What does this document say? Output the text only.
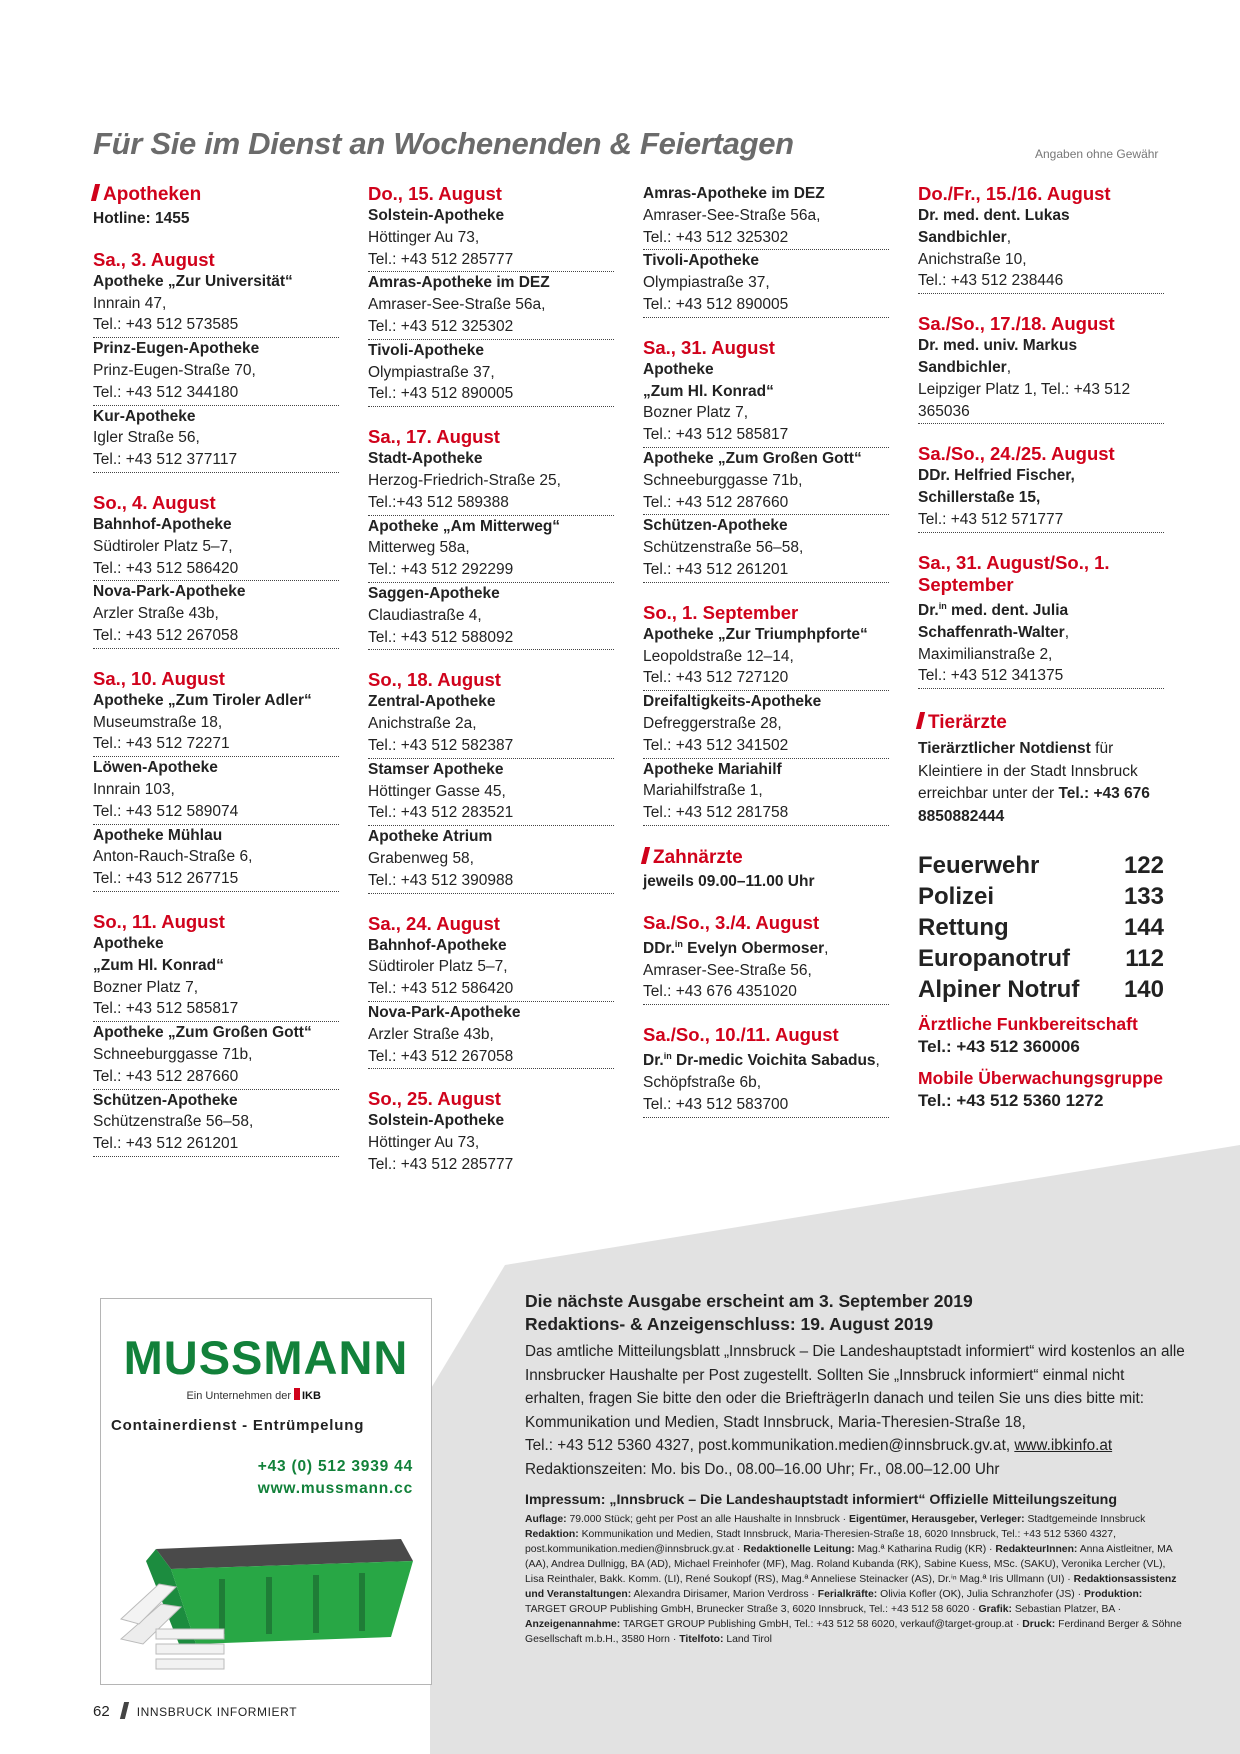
Für Sie im Dienst an Wochenenden & Feiertagen	Angaben ohne Gewähr
Apotheken
Hotline: 1455
Sa., 3. August
Apotheke „Zur Universität“
Innrain 47,
Tel.: +43 512 573585
Prinz-Eugen-Apotheke
Prinz-Eugen-Straße 70,
Tel.: +43 512 344180
Kur-Apotheke
Igler Straße 56,
Tel.: +43 512 377117
So., 4. August
Bahnhof-Apotheke
Südtiroler Platz 5–7,
Tel.: +43 512 586420
Nova-Park-Apotheke
Arzler Straße 43b,
Tel.: +43 512 267058
Sa., 10. August
Apotheke „Zum Tiroler Adler“
Museumstraße 18,
Tel.: +43 512 72271
Löwen-Apotheke
Innrain 103,
Tel.: +43 512 589074
Apotheke Mühlau
Anton-Rauch-Straße 6,
Tel.: +43 512 267715
So., 11. August
Apotheke
„Zum Hl. Konrad“
Bozner Platz 7,
Tel.: +43 512 585817
Apotheke „Zum Großen Gott“
Schneeburggasse 71b,
Tel.: +43 512 287660
Schützen-Apotheke
Schützenstraße 56–58,
Tel.: +43 512 261201
Do., 15. August
Solstein-Apotheke
Höttinger Au 73,
Tel.: +43 512 285777
Amras-Apotheke im DEZ
Amraser-See-Straße 56a,
Tel.: +43 512 325302
Tivoli-Apotheke
Olympiastraße 37,
Tel.: +43 512 890005
Sa., 17. August
Stadt-Apotheke
Herzog-Friedrich-Straße 25,
Tel.:+43 512 589388
Apotheke „Am Mitterweg“
Mitterweg 58a,
Tel.: +43 512 292299
Saggen-Apotheke
Claudiastraße 4,
Tel.: +43 512 588092
So., 18. August
Zentral-Apotheke
Anichstraße 2a,
Tel.: +43 512 582387
Stamser Apotheke
Höttinger Gasse 45,
Tel.: +43 512 283521
Apotheke Atrium
Grabenweg 58,
Tel.: +43 512 390988
Sa., 24. August
Bahnhof-Apotheke
Südtiroler Platz 5–7,
Tel.: +43 512 586420
Nova-Park-Apotheke
Arzler Straße 43b,
Tel.: +43 512 267058
So., 25. August
Solstein-Apotheke
Höttinger Au 73,
Tel.: +43 512 285777
Amras-Apotheke im DEZ
Amraser-See-Straße 56a,
Tel.: +43 512 325302
Tivoli-Apotheke
Olympiastraße 37,
Tel.: +43 512 890005
Sa., 31. August
Apotheke
„Zum Hl. Konrad“
Bozner Platz 7,
Tel.: +43 512 585817
Apotheke „Zum Großen Gott“
Schneeburggasse 71b,
Tel.: +43 512 287660
Schützen-Apotheke
Schützenstraße 56–58,
Tel.: +43 512 261201
So., 1. September
Apotheke „Zur Triumphpforte“
Leopoldstraße 12–14,
Tel.: +43 512 727120
Dreifaltigkeits-Apotheke
Defreggerstraße 28,
Tel.: +43 512 341502
Apotheke Mariahilf
Mariahilfstraße 1,
Tel.: +43 512 281758
Zahnärzte
jeweils 09.00–11.00 Uhr
Sa./So., 3./4. August
DDr.$^{in}$ Evelyn Obermoser,
Amraser-See-Straße 56,
Tel.: +43 676 4351020
Sa./So., 10./11. August
Dr.$^{in}$ Dr-medic Voichita Sabadus,
Schöpfstraße 6b,
Tel.: +43 512 583700
Do./Fr., 15./16. August
Dr. med. dent. Lukas
Sandbichler,
Anichstraße 10,
Tel.: +43 512 238446
Sa./So., 17./18. August
Dr. med. univ. Markus
Sandbichler,
Leipziger Platz 1, Tel.: +43 512
365036
Sa./So., 24./25. August
DDr. Helfried Fischer,
Schillerstaße 15,
Tel.: +43 512 571777
Sa., 31. August/So., 1. September
Dr.$^{in}$ med. dent. Julia
Schaffenrath-Walter,
Maximilianstraße 2,
Tel.: +43 512 341375
Tierärzte
Tierärztlicher Notdienst für Kleintiere in der Stadt Innsbruck erreichbar unter der Tel.: +43 676 8850882444
Feuerwehr	122
Polizei	133
Rettung	144
Europanotruf 112
Alpiner Notruf 140
Ärztliche Funkbereitschaft
Tel.: +43 512 360006
Mobile Überwachungsgruppe
Tel.: +43 512 5360 1272
MUSSMANN
Ein Unternehmen der IKB
Containerdienst - Entrümpelung
+43 (0) 512 3939 44
www.mussmann.cc
Die nächste Ausgabe erscheint am 3. September 2019
Redaktions- & Anzeigenschluss: 19. August 2019
Das amtliche Mitteilungsblatt „Innsbruck – Die Landeshauptstadt informiert“ wird kostenlos an alle Innsbrucker Haushalte per Post zugestellt. Sollten Sie „Innsbruck informiert“ einmal nicht erhalten, fragen Sie bitte den oder die BriefträgerIn danach und teilen Sie uns dies bitte mit: Kommunikation und Medien, Stadt Innsbruck, Maria-Theresien-Straße 18,
Tel.: +43 512 5360 4327, post.kommunikation.medien@innsbruck.gv.at, www.ibkinfo.at
Redaktionszeiten: Mo. bis Do., 08.00–16.00 Uhr; Fr., 08.00–12.00 Uhr
Impressum: „Innsbruck – Die Landeshauptstadt informiert“ Offizielle Mitteilungszeitung
Auflage: 79.000 Stück; geht per Post an alle Haushalte in Innsbruck · Eigentümer, Herausgeber, Verleger: Stadtgemeinde Innsbruck Redaktion: Kommunikation und Medien, Stadt Innsbruck, Maria-Theresien-Straße 18, 6020 Innsbruck, Tel.: +43 512 5360 4327, post.kommunikation.medien@innsbruck.gv.at · Redaktionelle Leitung: Mag.ª Katharina Rudig (KR) · RedakteurInnen: Anna Aistleitner, MA (AA), Andrea Dullnigg, BA (AD), Michael Freinhofer (MF), Mag. Roland Kubanda (RK), Sabine Kuess, MSc. (SAKU), Veronika Lercher (VL), Lisa Reinthaler, Bakk. Komm. (LI), René Soukopf (RS), Mag.ª Anneliese Steinacker (AS), Dr.ⁱⁿ Mag.ª Iris Ullmann (UI) · Redaktionsassistenz und Veranstaltungen: Alexandra Dirisamer, Marion Verdross · Ferialkräfte: Olivia Kofler (OK), Julia Schranzhofer (JS) · Produktion: TARGET GROUP Publishing GmbH, Brunecker Straße 3, 6020 Innsbruck, Tel.: +43 512 58 6020 · Grafik: Sebastian Platzer, BA · Anzeigenannahme: TARGET GROUP Publishing GmbH, Tel.: +43 512 58 6020, verkauf@target-group.at · Druck: Ferdinand Berger & Söhne Gesellschaft m.b.H., 3580 Horn · Titelfoto: Land Tirol
62 INNSBRUCK INFORMIERT
